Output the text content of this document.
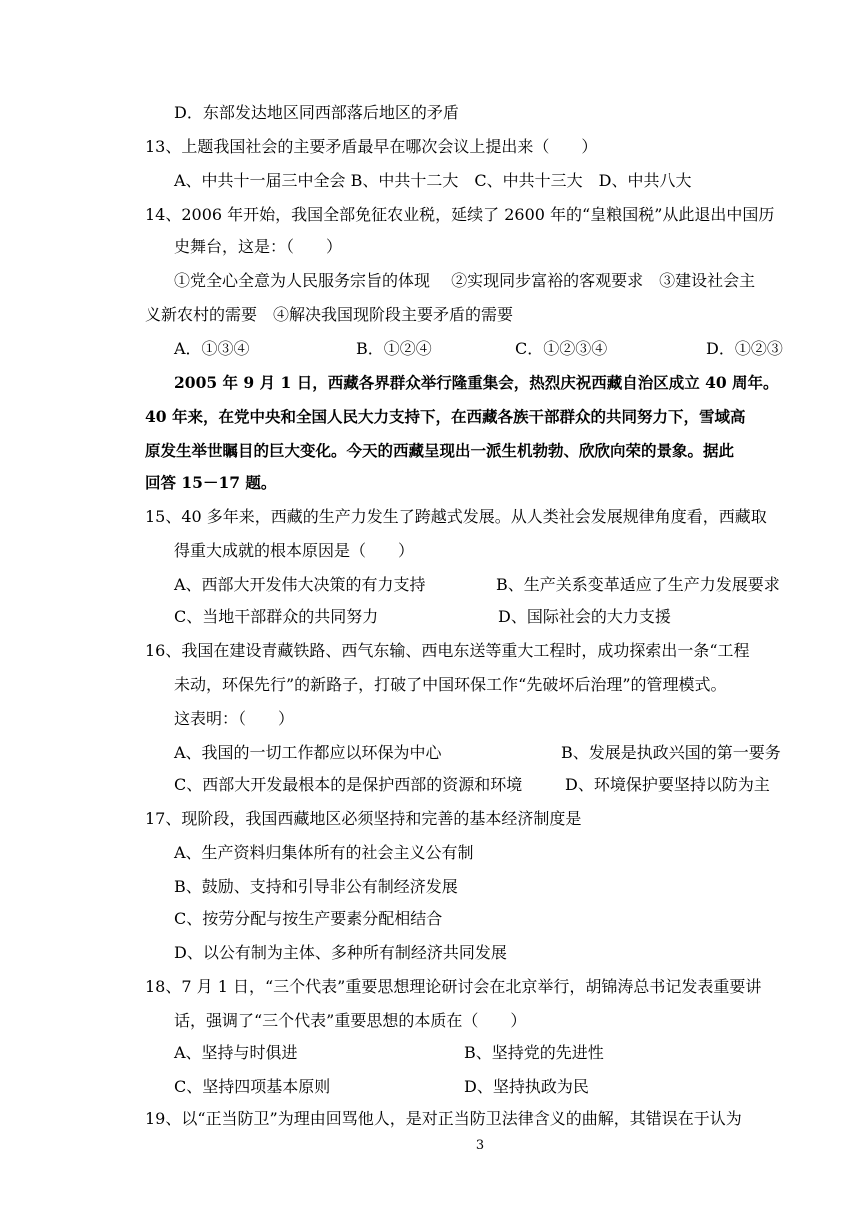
D．东部发达地区同西部落后地区的矛盾
13、上题我国社会的主要矛盾最早在哪次会议上提出来（　　）
A、中共十一届三中全会 B、中共十二大　C、中共十三大　D、中共八大
14、2006 年开始，我国全部免征农业税，延续了 2600 年的“皇粮国税”从此退出中国历
史舞台，这是：（　　）
①党全心全意为人民服务宗旨的体现　 ②实现同步富裕的客观要求　③建设社会主
义新农村的需要　④解决我国现阶段主要矛盾的需要
A．①③④	B．①②④	C．①②③④	D．①②③
2005 年 9 月 1 日，西藏各界群众举行隆重集会，热烈庆祝西藏自治区成立 40 周年。
40 年来，在党中央和全国人民大力支持下，在西藏各族干部群众的共同努力下，雪域高
原发生举世瞩目的巨大变化。今天的西藏呈现出一派生机勃勃、欣欣向荣的景象。据此
回答 15－17 题。
15、40 多年来，西藏的生产力发生了跨越式发展。从人类社会发展规律角度看，西藏取
得重大成就的根本原因是（　　）
A、西部大开发伟大决策的有力支持	B、生产关系变革适应了生产力发展要求
C、当地干部群众的共同努力	D、国际社会的大力支援
16、我国在建设青藏铁路、西气东输、西电东送等重大工程时，成功探索出一条“工程
未动，环保先行”的新路子，打破了中国环保工作“先破坏后治理”的管理模式。
这表明：（　　）
A、我国的一切工作都应以环保为中心	B、发展是执政兴国的第一要务
C、西部大开发最根本的是保护西部的资源和环境	D、环境保护要坚持以防为主
17、现阶段，我国西藏地区必须坚持和完善的基本经济制度是
A、生产资料归集体所有的社会主义公有制
B、鼓励、支持和引导非公有制经济发展
C、按劳分配与按生产要素分配相结合
D、以公有制为主体、多种所有制经济共同发展
18、7 月 1 日，“三个代表”重要思想理论研讨会在北京举行，胡锦涛总书记发表重要讲
话，强调了“三个代表”重要思想的本质在（　　）
A、坚持与时俱进	B、坚持党的先进性
C、坚持四项基本原则	D、坚持执政为民
19、以“正当防卫”为理由回骂他人，是对正当防卫法律含义的曲解，其错误在于认为
3
